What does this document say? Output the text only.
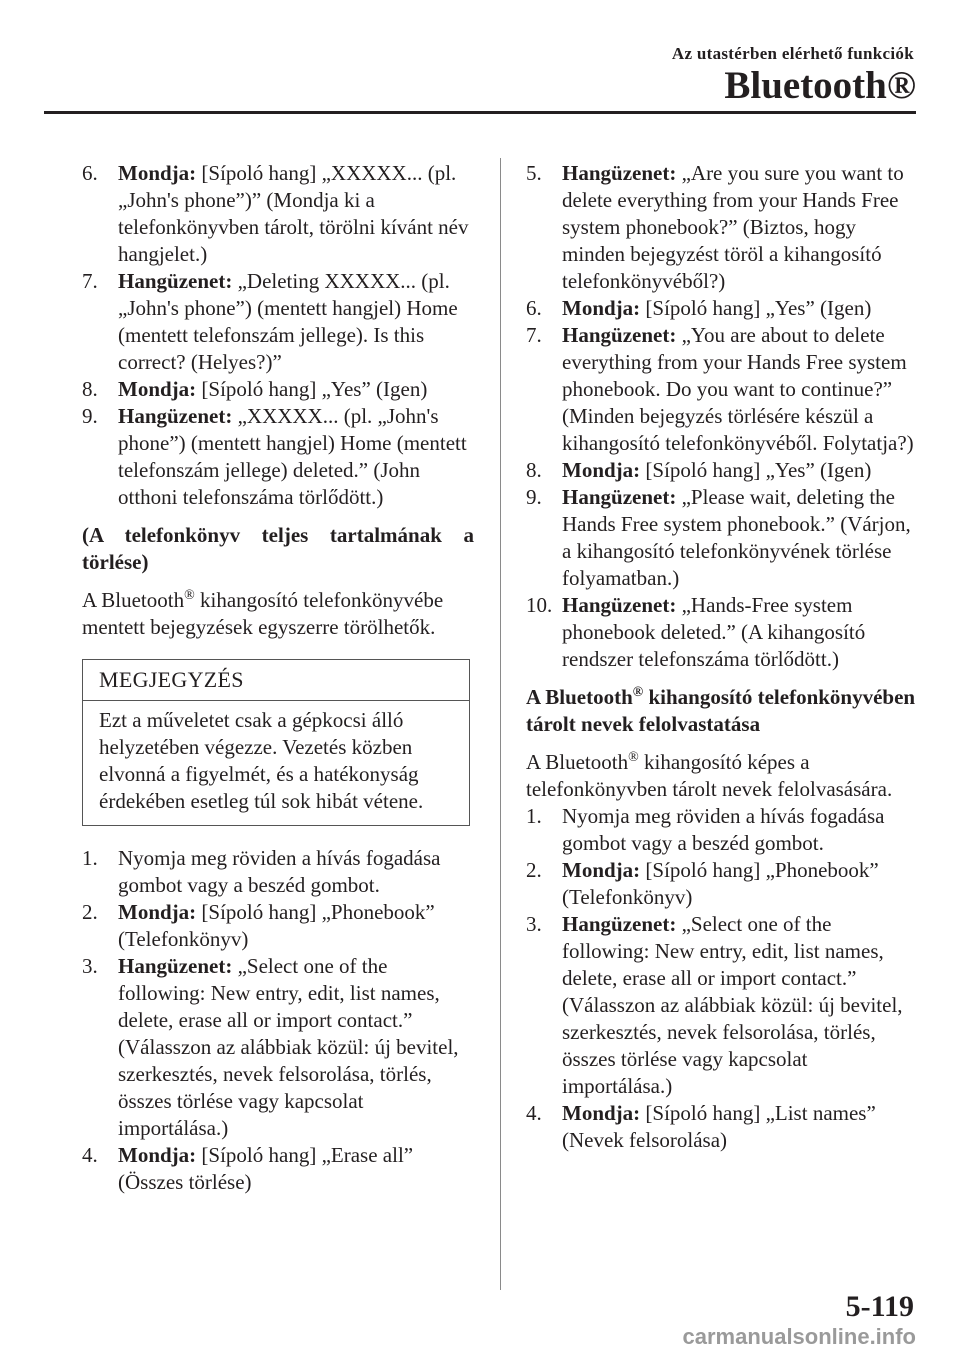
Az utastérben elérhető funkciók
Bluetooth®
6. Mondja: [Sípoló hang] „XXXXX... (pl. „John's phone”)” (Mondja ki a telefonkönyvben tárolt, törölni kívánt név hangjelet.)
7. Hangüzenet: „Deleting XXXXX... (pl. „John's phone”) (mentett hangjel) Home (mentett telefonszám jellege). Is this correct? (Helyes?)”
8. Mondja: [Sípoló hang] „Yes” (Igen)
9. Hangüzenet: „XXXXX... (pl. „John's phone”) (mentett hangjel) Home (mentett telefonszám jellege) deleted.” (John otthoni telefonszáma törlődött.)
(A telefonkönyv teljes tartalmának a törlése)
A Bluetooth® kihangosító telefonkönyvébe mentett bejegyzések egyszerre törölhetők.
MEGJEGYZÉS
Ezt a műveletet csak a gépkocsi álló helyzetében végezze. Vezetés közben elvonná a figyelmét, és a hatékonyság érdekében esetleg túl sok hibát vétene.
1. Nyomja meg röviden a hívás fogadása gombot vagy a beszéd gombot.
2. Mondja: [Sípoló hang] „Phonebook” (Telefonkönyv)
3. Hangüzenet: „Select one of the following: New entry, edit, list names, delete, erase all or import contact.” (Válasszon az alábbiak közül: új bevitel, szerkesztés, nevek felsorolása, törlés, összes törlése vagy kapcsolat importálása.)
4. Mondja: [Sípoló hang] „Erase all” (Összes törlése)
5. Hangüzenet: „Are you sure you want to delete everything from your Hands Free system phonebook?” (Biztos, hogy minden bejegyzést töröl a kihangosító telefonkönyvéből?)
6. Mondja: [Sípoló hang] „Yes” (Igen)
7. Hangüzenet: „You are about to delete everything from your Hands Free system phonebook. Do you want to continue?” (Minden bejegyzés törlésére készül a kihangosító telefonkönyvéből. Folytatja?)
8. Mondja: [Sípoló hang] „Yes” (Igen)
9. Hangüzenet: „Please wait, deleting the Hands Free system phonebook.” (Várjon, a kihangosító telefonkönyvének törlése folyamatban.)
10. Hangüzenet: „Hands-Free system phonebook deleted.” (A kihangosító rendszer telefonszáma törlődött.)
A Bluetooth® kihangosító telefonkönyvében tárolt nevek felolvastatása
A Bluetooth® kihangosító képes a telefonkönyvben tárolt nevek felolvasására.
1. Nyomja meg röviden a hívás fogadása gombot vagy a beszéd gombot.
2. Mondja: [Sípoló hang] „Phonebook” (Telefonkönyv)
3. Hangüzenet: „Select one of the following: New entry, edit, list names, delete, erase all or import contact.” (Válasszon az alábbiak közül: új bevitel, szerkesztés, nevek felsorolása, törlés, összes törlése vagy kapcsolat importálása.)
4. Mondja: [Sípoló hang] „List names” (Nevek felsorolása)
5-119
carmanualsonline.info
